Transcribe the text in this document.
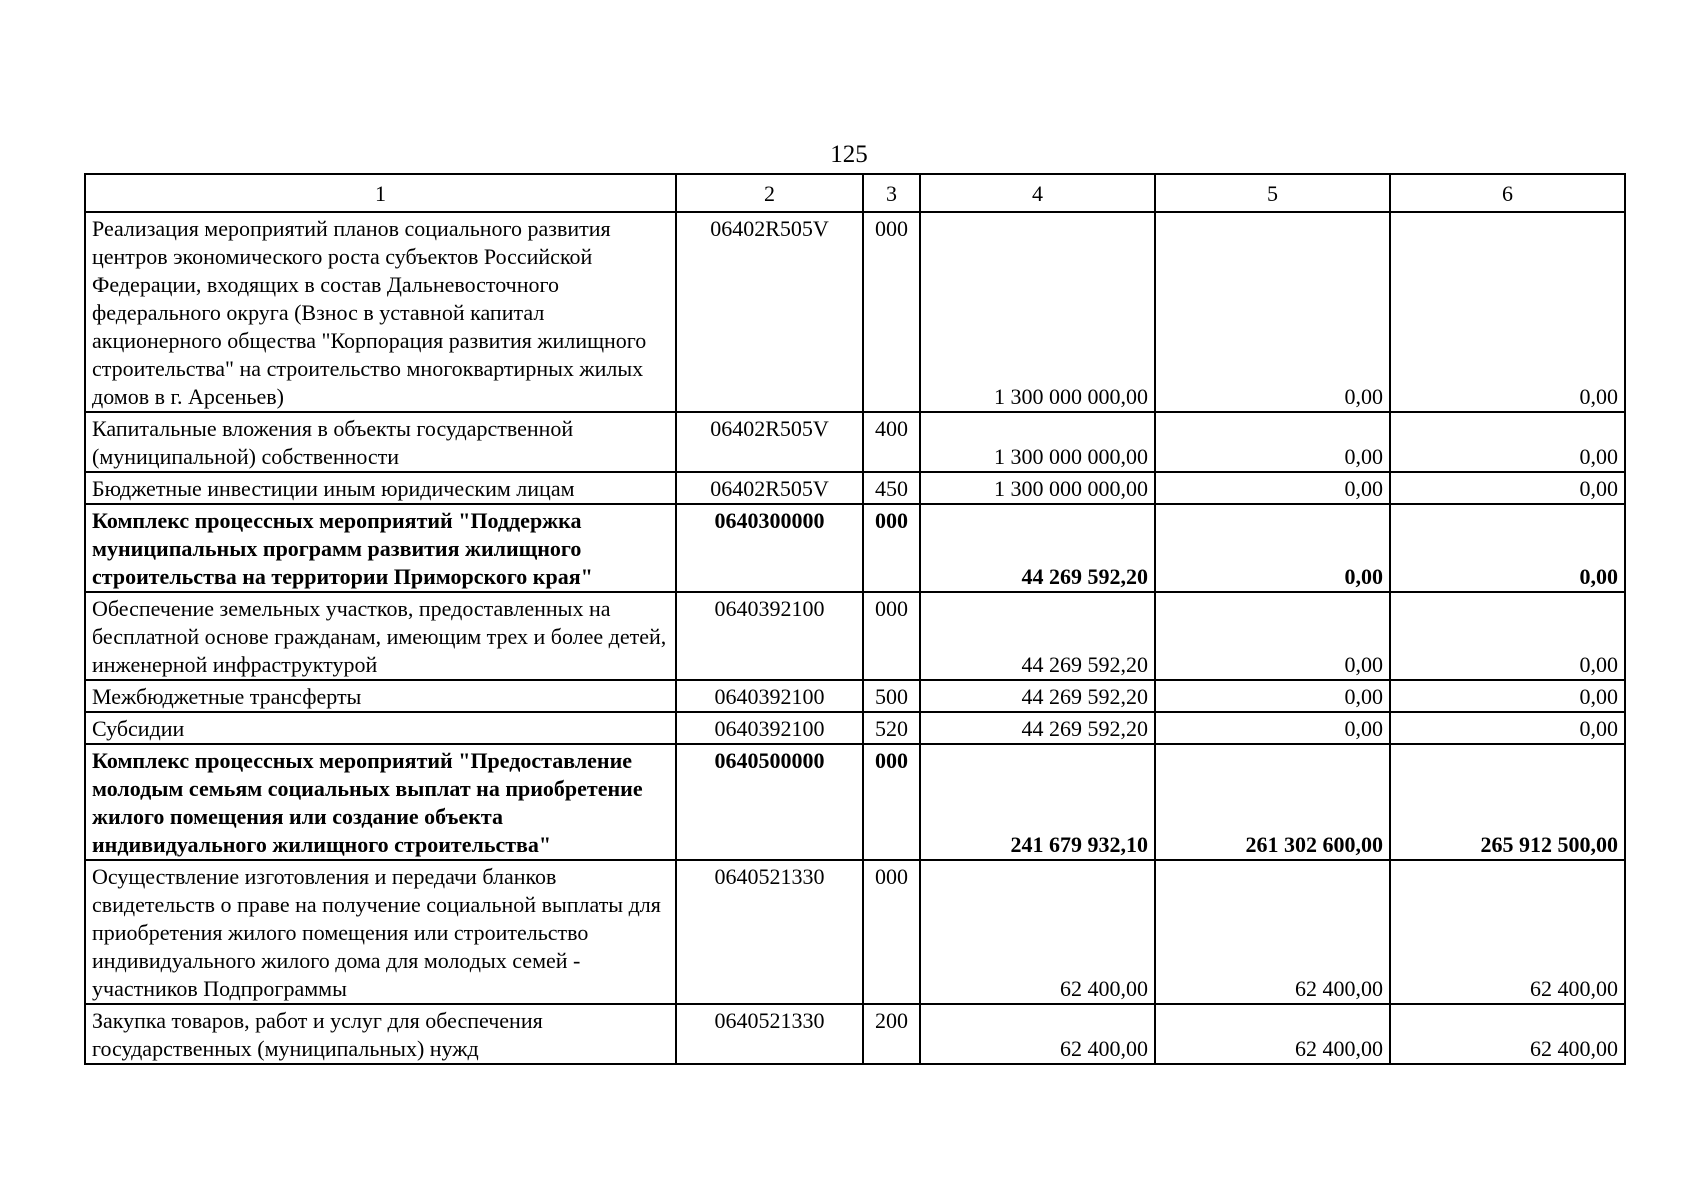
125
1	2	3	4	5	6
Реализация мероприятий планов социального развития центров экономического роста субъектов Российской Федерации, входящих в состав Дальневосточного федерального округа (Взнос в уставной капитал акционерного общества "Корпорация развития жилищного строительства" на строительство многоквартирных жилых домов в г. Арсеньев)	06402R505V	000	1 300 000 000,00	0,00	0,00
Капитальные вложения в объекты государственной (муниципальной) собственности	06402R505V	400	1 300 000 000,00	0,00	0,00
Бюджетные инвестиции иным юридическим лицам	06402R505V	450	1 300 000 000,00	0,00	0,00
Комплекс процессных мероприятий "Поддержка муниципальных программ развития жилищного строительства на территории Приморского края"	0640300000	000	44 269 592,20	0,00	0,00
Обеспечение земельных участков, предоставленных на бесплатной основе гражданам, имеющим трех и более детей, инженерной инфраструктурой	0640392100	000	44 269 592,20	0,00	0,00
Межбюджетные трансферты	0640392100	500	44 269 592,20	0,00	0,00
Субсидии	0640392100	520	44 269 592,20	0,00	0,00
Комплекс процессных мероприятий "Предоставление молодым семьям социальных выплат на приобретение жилого помещения или создание объекта индивидуального жилищного строительства"	0640500000	000	241 679 932,10	261 302 600,00	265 912 500,00
Осуществление изготовления и передачи бланков свидетельств о праве на получение социальной выплаты для приобретения жилого помещения или строительство индивидуального жилого дома для молодых семей - участников Подпрограммы	0640521330	000	62 400,00	62 400,00	62 400,00
Закупка товаров, работ и услуг для обеспечения государственных (муниципальных) нужд	0640521330	200	62 400,00	62 400,00	62 400,00
